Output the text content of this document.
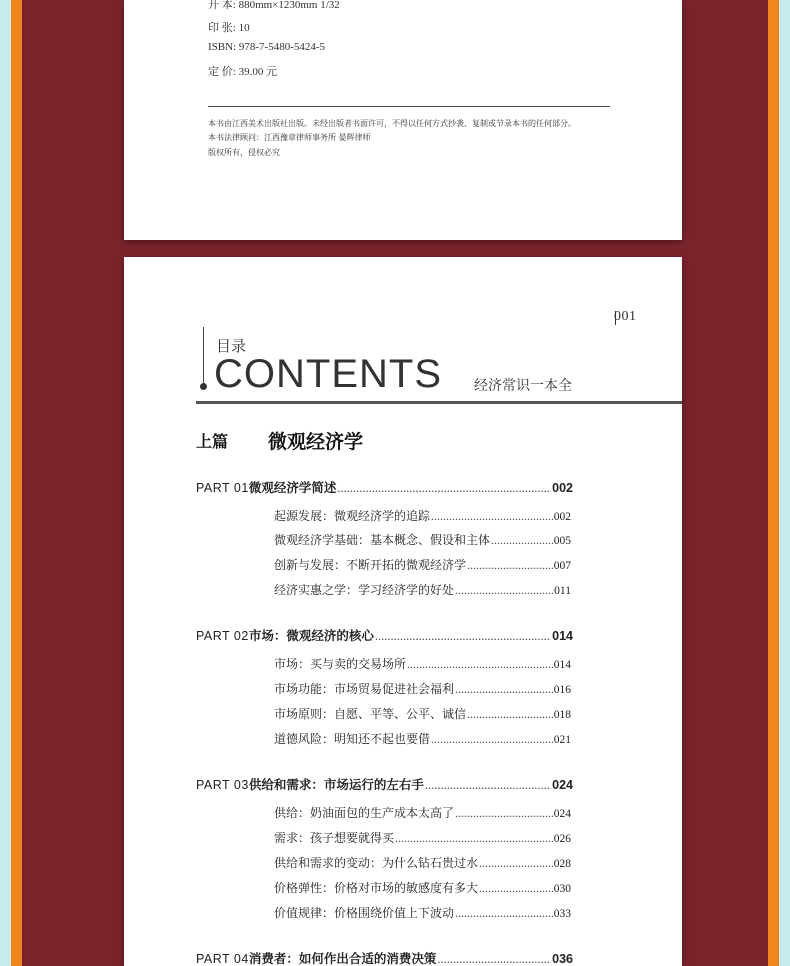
开 本: 880mm×1230mm 1/32
印 张: 10
ISBN: 978-7-5480-5424-5
定 价: 39.00 元
本书由江西美术出版社出版。未经出版者书面许可，不得以任何方式抄袭、复制或节录本书的任何部分。
本书法律顾问：江西豫章律师事务所 晏辉律师
版权所有，侵权必究
001
目录
CONTENTS 经济常识一本全
上篇 微观经济学
PART 01 微观经济学简述 .....	002
起源发展：微观经济学的追踪 .....	002
微观经济学基础：基本概念、假设和主体 .....	005
创新与发展：不断开拓的微观经济学 .....	007
经济实惠之学：学习经济学的好处 .....	011
PART 02 市场：微观经济的核心 .....	014
市场：买与卖的交易场所 .....	014
市场功能：市场贸易促进社会福利 .....	016
市场原则：自愿、平等、公平、诚信 .....	018
道德风险：明知还不起也要借 .....	021
PART 03 供给和需求：市场运行的左右手 .....	024
供给：奶油面包的生产成本太高了 .....	024
需求：孩子想要就得买 .....	026
供给和需求的变动：为什么钻石贵过水 .....	028
价格弹性：价格对市场的敏感度有多大 .....	030
价值规律：价格围绕价值上下波动 .....	033
PART 04 消费者：如何作出合适的消费决策 .....	036
